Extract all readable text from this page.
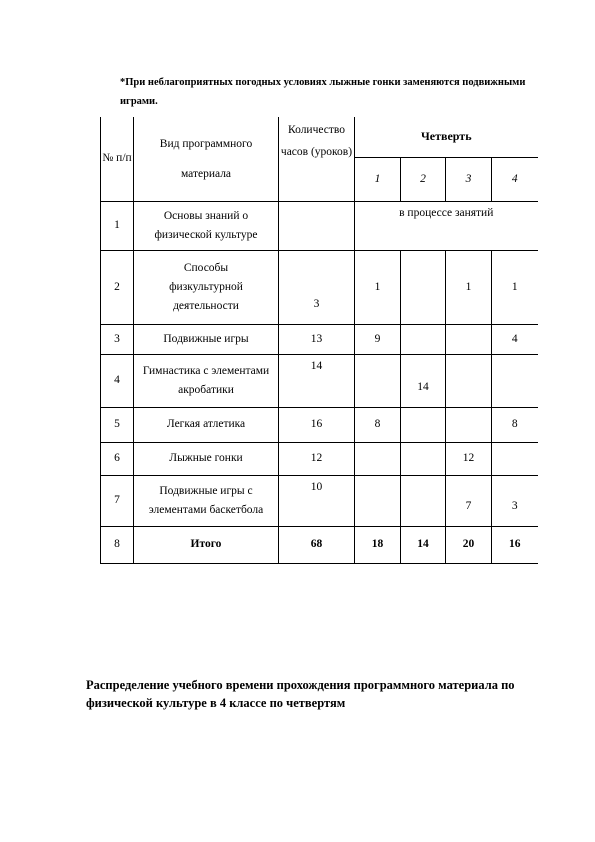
*При неблагоприятных погодных условиях лыжные гонки заменяются подвижными играми.
№ п/п	Вид программного материала	Количество часов (уроков)	Четверть			
			1	2	3	4
1	Основы знаний о физической культуре		в процессе занятий			
2	Способы физкультурной деятельности	3	1		1	1
3	Подвижные игры	13	9			4
4	Гимнастика с элементами акробатики	14		14		
5	Легкая атлетика	16	8			8
6	Лыжные гонки	12			12	
7	Подвижные игры с элементами баскетбола	10			7	3
8	Итого	68	18	14	20	16
Распределение учебного времени прохождения программного материала по физической культуре в 4 классе по четвертям
